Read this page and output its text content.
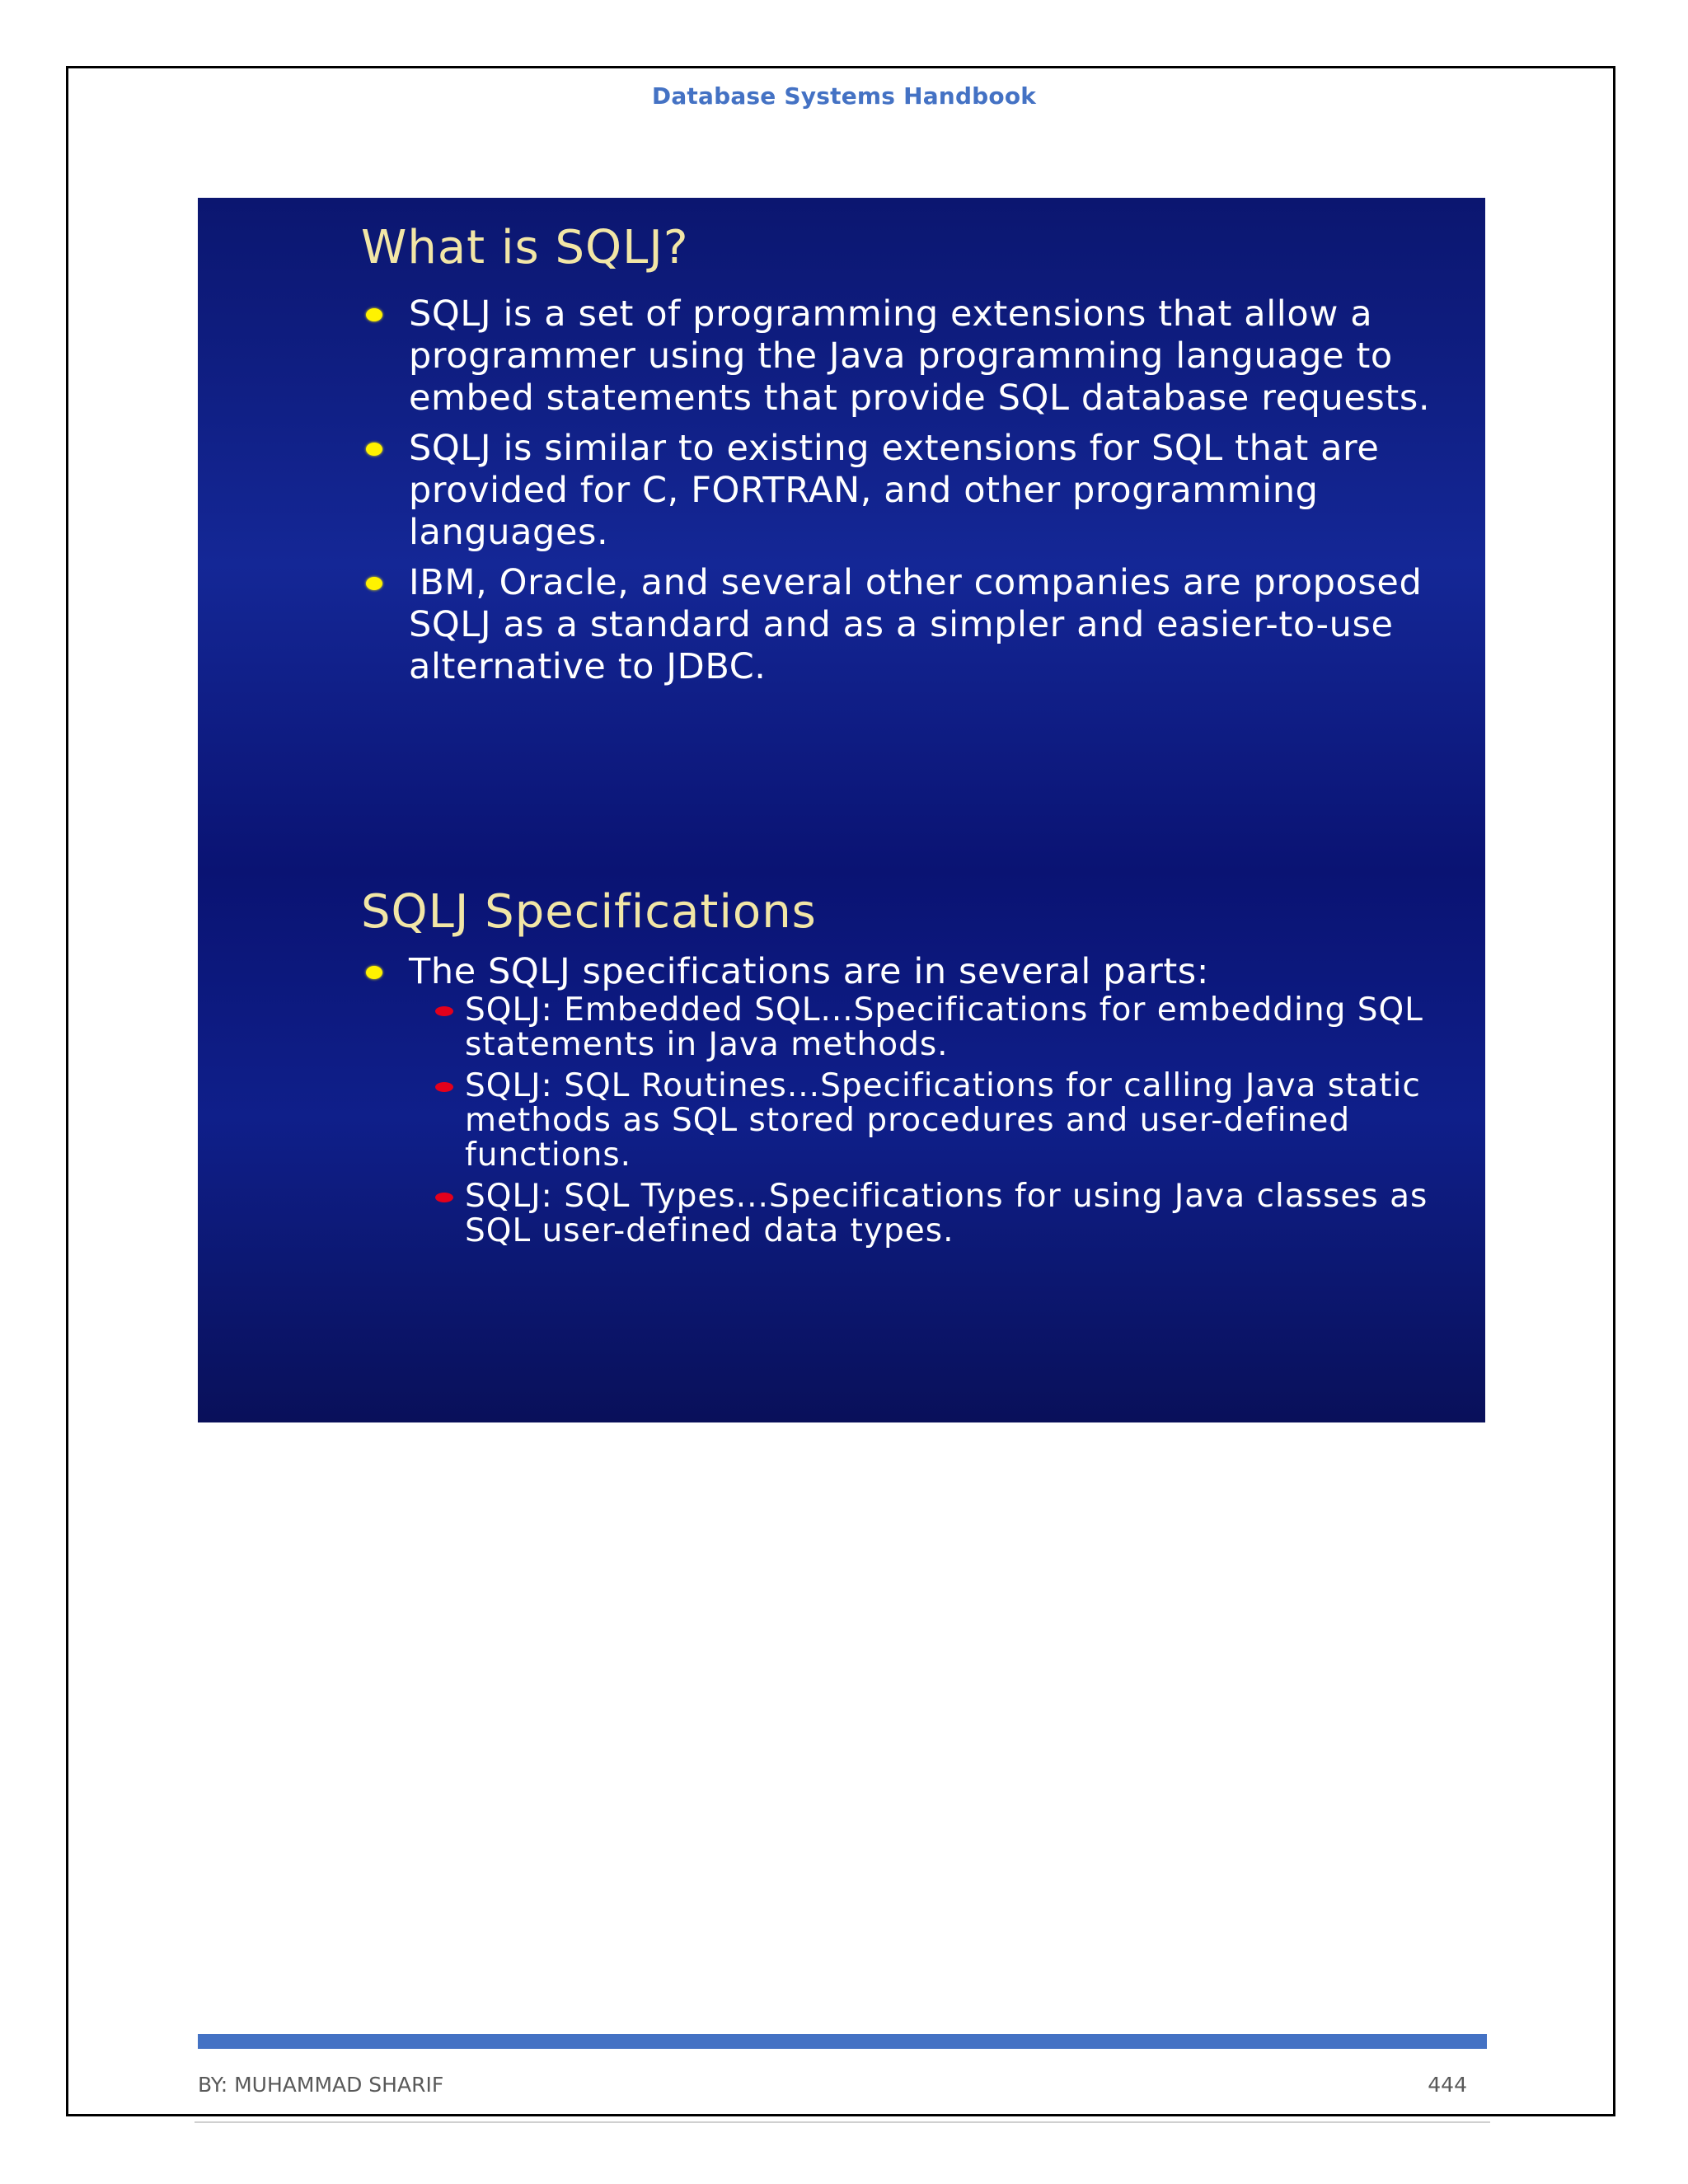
Database Systems Handbook
What is SQLJ?
SQLJ is a set of programming extensions that allow a programmer using the Java programming language to embed statements that provide SQL database requests.
SQLJ is similar to existing extensions for SQL that are provided for C, FORTRAN, and other programming languages.
IBM, Oracle, and several other companies are proposed SQLJ as a standard and as a simpler and easier-to-use alternative to JDBC.
SQLJ Specifications
The SQLJ specifications are in several parts:
SQLJ: Embedded SQL...Specifications for embedding SQL statements in Java methods.
SQLJ: SQL Routines...Specifications for calling Java static methods as SQL stored procedures and user-defined functions.
SQLJ: SQL Types...Specifications for using Java classes as SQL user-defined data types.
BY: MUHAMMAD SHARIF	444
